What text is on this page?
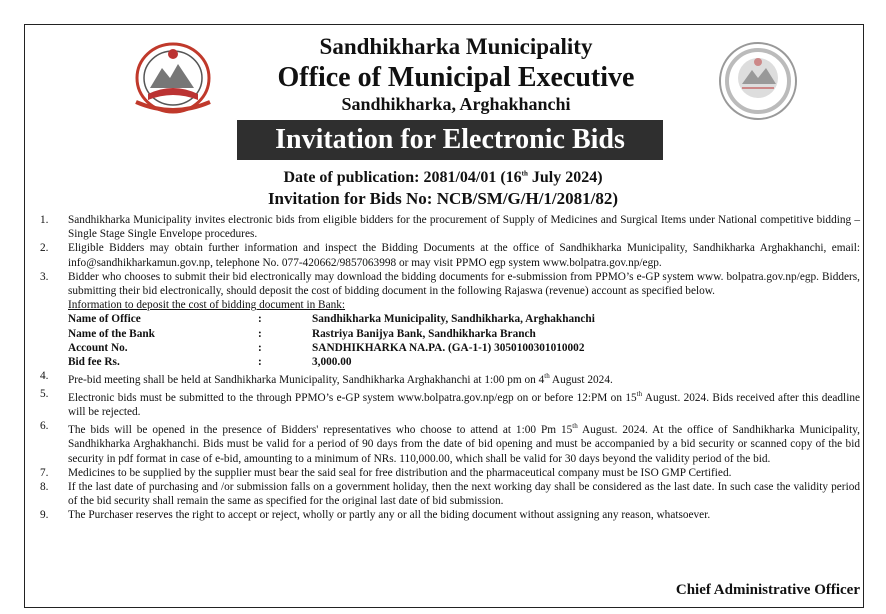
Sandhikharka Municipality
Office of Municipal Executive
Sandhikharka, Arghakhanchi
Invitation for Electronic Bids
Date of publication: 2081/04/01 (16th July 2024)
Invitation for Bids No: NCB/SM/G/H/1/2081/82)
1. Sandhikharka Municipality invites electronic bids from eligible bidders for the procurement of Supply of Medicines and Surgical Items under National competitive bidding – Single Stage Single Envelope procedures.
2. Eligible Bidders may obtain further information and inspect the Bidding Documents at the office of Sandhikharka Municipality, Sandhikharka Arghakhanchi, email: info@sandhikharkamun.gov.np, telephone No. 077-420662/9857063998 or may visit PPMO egp system www.bolpatra.gov.np/egp.
3. Bidder who chooses to submit their bid electronically may download the bidding documents for e-submission from PPMO’s e-GP system www. bolpatra.gov.np/egp. Bidders, submitting their bid electronically, should deposit the cost of bidding document in the following Rajaswa (revenue) account as specified below.
Information to deposit the cost of bidding document in Bank:
Name of Office	:	Sandhikharka Municipality, Sandhikharka, Arghakhanchi
Name of the Bank	:	Rastriya Banijya Bank, Sandhikharka Branch
Account No.	:	SANDHIKHARKA NA.PA. (GA-1-1) 3050100301010002
Bid fee Rs.	:	3,000.00
4. Pre-bid meeting shall be held at Sandhikharka Municipality, Sandhikharka Arghakhanchi at 1:00 pm on 4th August 2024.
5. Electronic bids must be submitted to the through PPMO’s e-GP system www.bolpatra.gov.np/egp on or before 12:PM on 15th August. 2024. Bids received after this deadline will be rejected.
6. The bids will be opened in the presence of Bidders' representatives who choose to attend at 1:00 Pm 15th August. 2024. At the office of Sandhikharka Municipality, Sandhikharka Arghakhanchi. Bids must be valid for a period of 90 days from the date of bid opening and must be accompanied by a bid security or scanned copy of the bid security in pdf format in case of e-bid, amounting to a minimum of NRs. 110,000.00, which shall be valid for 30 days beyond the validity period of the bid.
7. Medicines to be supplied by the supplier must bear the said seal for free distribution and the pharmaceutical company must be ISO GMP Certified.
8. If the last date of purchasing and /or submission falls on a government holiday, then the next working day shall be considered as the last date. In such case the validity period of the bid security shall remain the same as specified for the original last date of bid submission.
9. The Purchaser reserves the right to accept or reject, wholly or partly any or all the biding document without assigning any reason, whatsoever.
Chief Administrative Officer
